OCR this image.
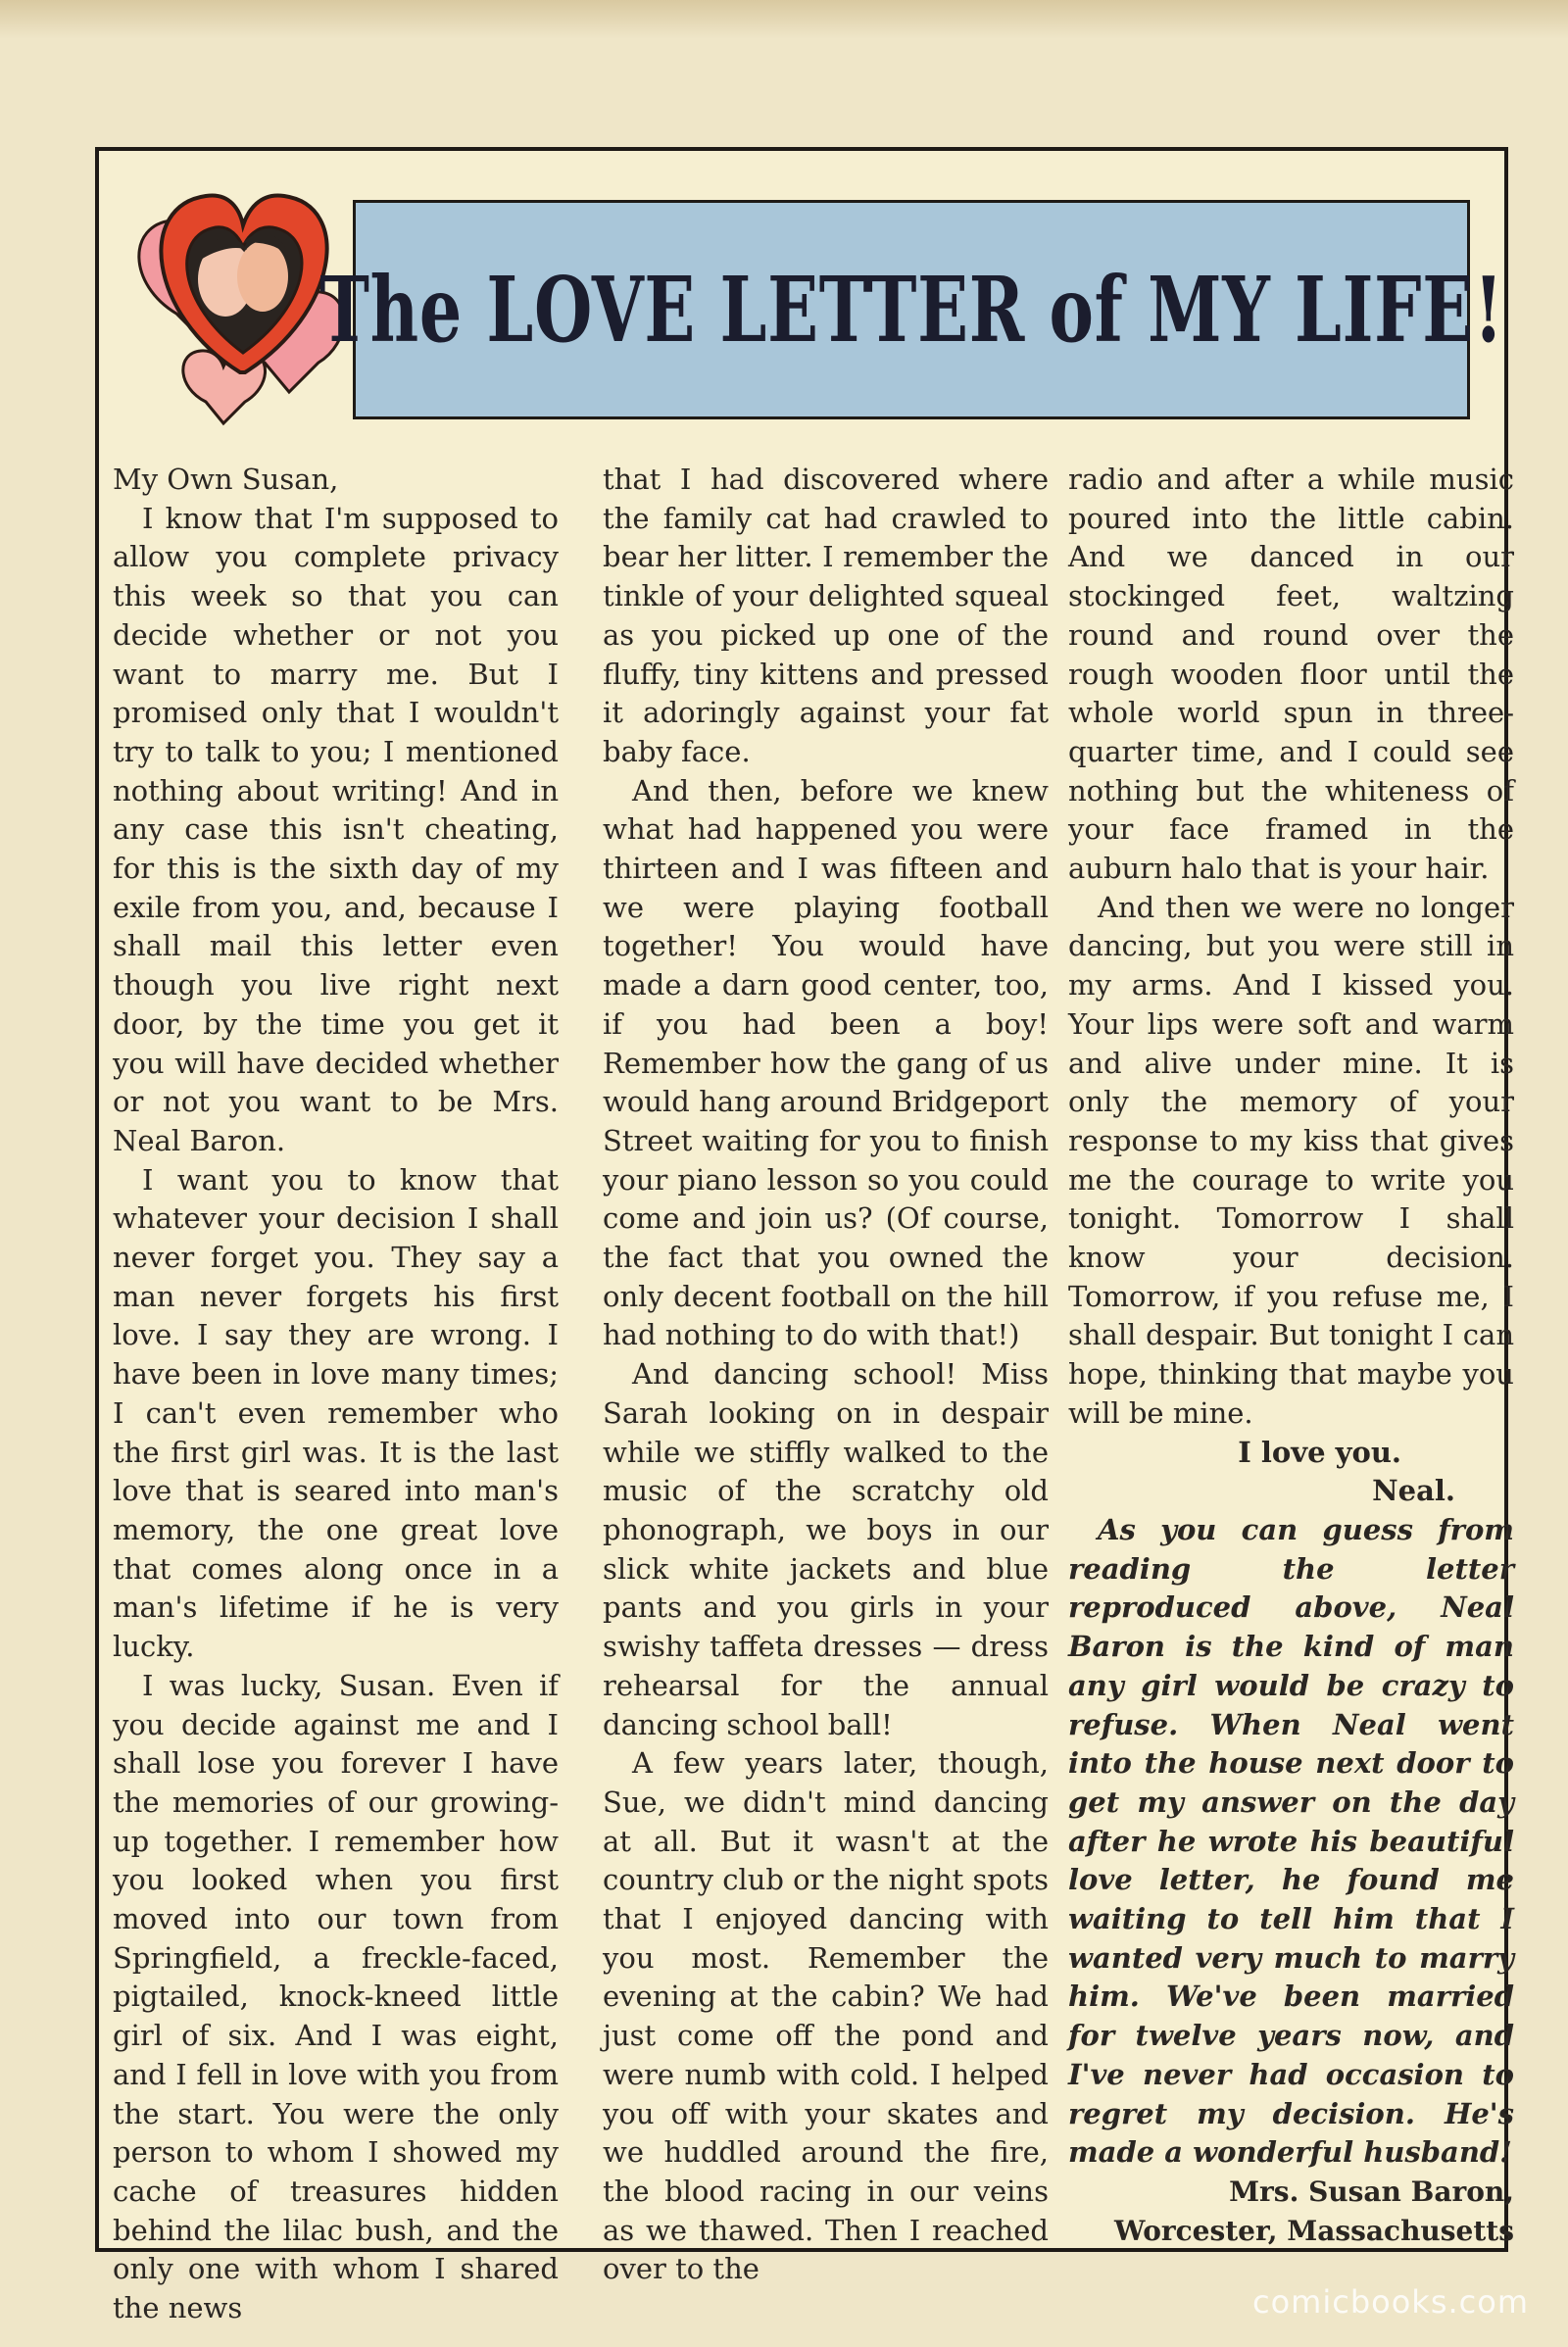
The LOVE LETTER of MY LIFE!

My Own Susan,

I know that I'm supposed to allow you complete privacy this week so that you can decide whether or not you want to marry me. But I promised only that I wouldn't try to talk to you; I mentioned nothing about writing! And in any case this isn't cheating, for this is the sixth day of my exile from you, and, because I shall mail this letter even though you live right next door, by the time you get it you will have decided whether or not you want to be Mrs. Neal Baron.

I want you to know that whatever your decision I shall never forget you. They say a man never forgets his first love. I say they are wrong. I have been in love many times; I can't even remember who the first girl was. It is the last love that is seared into man's memory, the one great love that comes along once in a man's lifetime if he is very lucky.

I was lucky, Susan. Even if you decide against me and I shall lose you forever I have the memories of our growing-up together. I remember how you looked when you first moved into our town from Springfield, a freckle-faced, pigtailed, knock-kneed little girl of six. And I was eight, and I fell in love with you from the start. You were the only person to whom I showed my cache of treasures hidden behind the lilac bush, and the only one with whom I shared the news

that I had discovered where the family cat had crawled to bear her litter. I remember the tinkle of your delighted squeal as you picked up one of the fluffy, tiny kittens and pressed it adoringly against your fat baby face.

And then, before we knew what had happened you were thirteen and I was fifteen and we were playing football together! You would have made a darn good center, too, if you had been a boy! Remember how the gang of us would hang around Bridgeport Street waiting for you to finish your piano lesson so you could come and join us? (Of course, the fact that you owned the only decent football on the hill had nothing to do with that!)

And dancing school! Miss Sarah looking on in despair while we stiffly walked to the music of the scratchy old phonograph, we boys in our slick white jackets and blue pants and you girls in your swishy taffeta dresses — dress rehearsal for the annual dancing school ball!

A few years later, though, Sue, we didn't mind dancing at all. But it wasn't at the country club or the night spots that I enjoyed dancing with you most. Remember the evening at the cabin? We had just come off the pond and were numb with cold. I helped you off with your skates and we huddled around the fire, the blood racing in our veins as we thawed. Then I reached over to the

radio and after a while music poured into the little cabin. And we danced in our stockinged feet, waltzing round and round over the rough wooden floor until the whole world spun in three-quarter time, and I could see nothing but the whiteness of your face framed in the auburn halo that is your hair.

And then we were no longer dancing, but you were still in my arms. And I kissed you. Your lips were soft and warm and alive under mine. It is only the memory of your response to my kiss that gives me the courage to write you tonight. Tomorrow I shall know your decision. Tomorrow, if you refuse me, I shall despair. But tonight I can hope, thinking that maybe you will be mine.

I love you.

Neal.

As you can guess from reading the letter reproduced above, Neal Baron is the kind of man any girl would be crazy to refuse. When Neal went into the house next door to get my answer on the day after he wrote his beautiful love letter, he found me waiting to tell him that I wanted very much to marry him. We've been married for twelve years now, and I've never had occasion to regret my decision. He's made a wonderful husband!

Mrs. Susan Baron,

Worcester, Massachusetts

comicbooks.com
